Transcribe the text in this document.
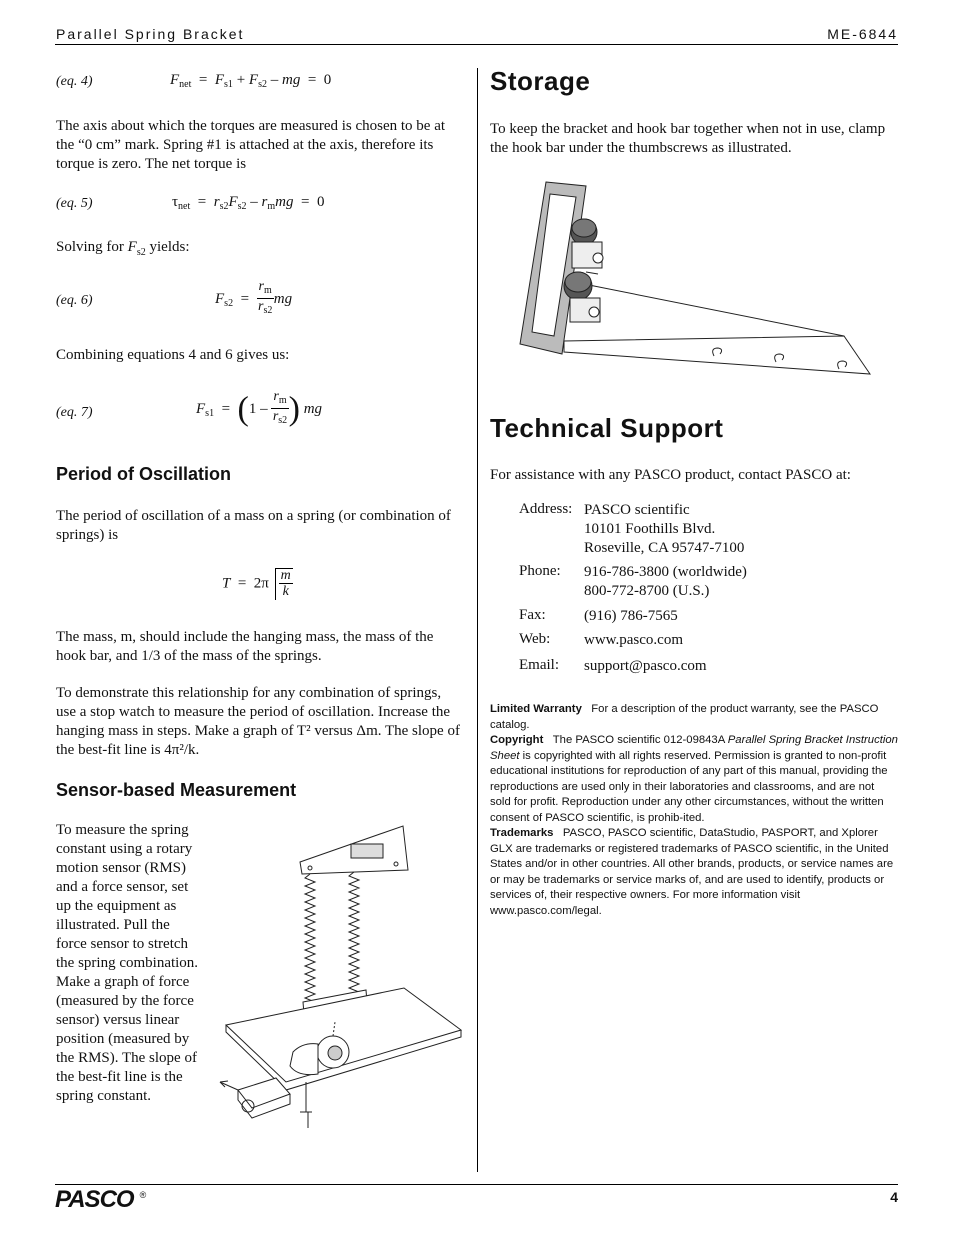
Parallel Spring Bracket	ME-6844
(eq. 4)	$F_{net} = F_{s1} + F_{s2}$ – mg  =  0
The axis about which the torques are measured is chosen to be at the “0 cm” mark. Spring #1 is attached at the axis, therefore its torque is zero. The net torque is
(eq. 5)	$\tau_{net} = r_{s2}F_{s2} - r_mmg = 0$
Solving for $F_{s2}$ yields:
(eq. 6)	$F_{s2} = \frac{r_m}{r_{s2}}$ mg
Combining equations 4 and 6 gives us:
(eq. 7)	$F_{s1} = (1 - \frac{r_m}{r_{s2}}$ ) mg
Period of Oscillation
The period of oscillation of a mass on a spring (or combination of springs) is
$T = 2\pi \frac{m}{k}$
The mass, m, should include the hanging mass, the mass of the hook bar, and 1/3 of the mass of the springs.
To demonstrate this relationship for any combination of springs, use a stop watch to measure the period of oscillation. Increase the hanging mass in steps. Make a graph of T² versus Δm. The slope of the best-fit line is 4π²/k.
Sensor-based Measurement
To measure the spring
constant using a rotary
motion sensor (RMS)
and a force sensor, set
up the equipment as
illustrated. Pull the
force sensor to stretch
the spring combination.
Make a graph of force
(measured by the force
sensor) versus linear
position (measured by
the RMS). The slope of
the best-fit line is the
spring constant.
Storage
To keep the bracket and hook bar together when not in use, clamp the hook bar under the thumbscrews as illustrated.
Technical Support
For assistance with any PASCO product, contact PASCO at:
Address: PASCO scientific
10101 Foothills Blvd.
Roseville, CA 95747-7100
Phone: 916-786-3800 (worldwide)
800-772-8700 (U.S.)
Fax:	(916) 786-7565
Web: www.pasco.com
Email: support@pasco.com
Limited Warranty For a description of the product warranty, see the PASCO catalog.
Copyright The PASCO scientific 012-09843A Parallel Spring Bracket Instruction Sheet is copyrighted with all rights reserved. Permission is granted to non-profit educational institutions for reproduction of any part of this manual, providing the reproductions are used only in their laboratories and classrooms, and are not sold for profit. Reproduction under any other circumstances, without the written consent of PASCO scientific, is prohib-ited.
Trademarks PASCO, PASCO scientific, DataStudio, PASPORT, and Xplorer GLX are trademarks or registered trademarks of PASCO scientific, in the United States and/or in other countries. All other brands, products, or service names are or may be trademarks or service marks of, and are used to identify, products or services of, their respective owners. For more information visit www.pasco.com/legal.
PASCO ®	4
